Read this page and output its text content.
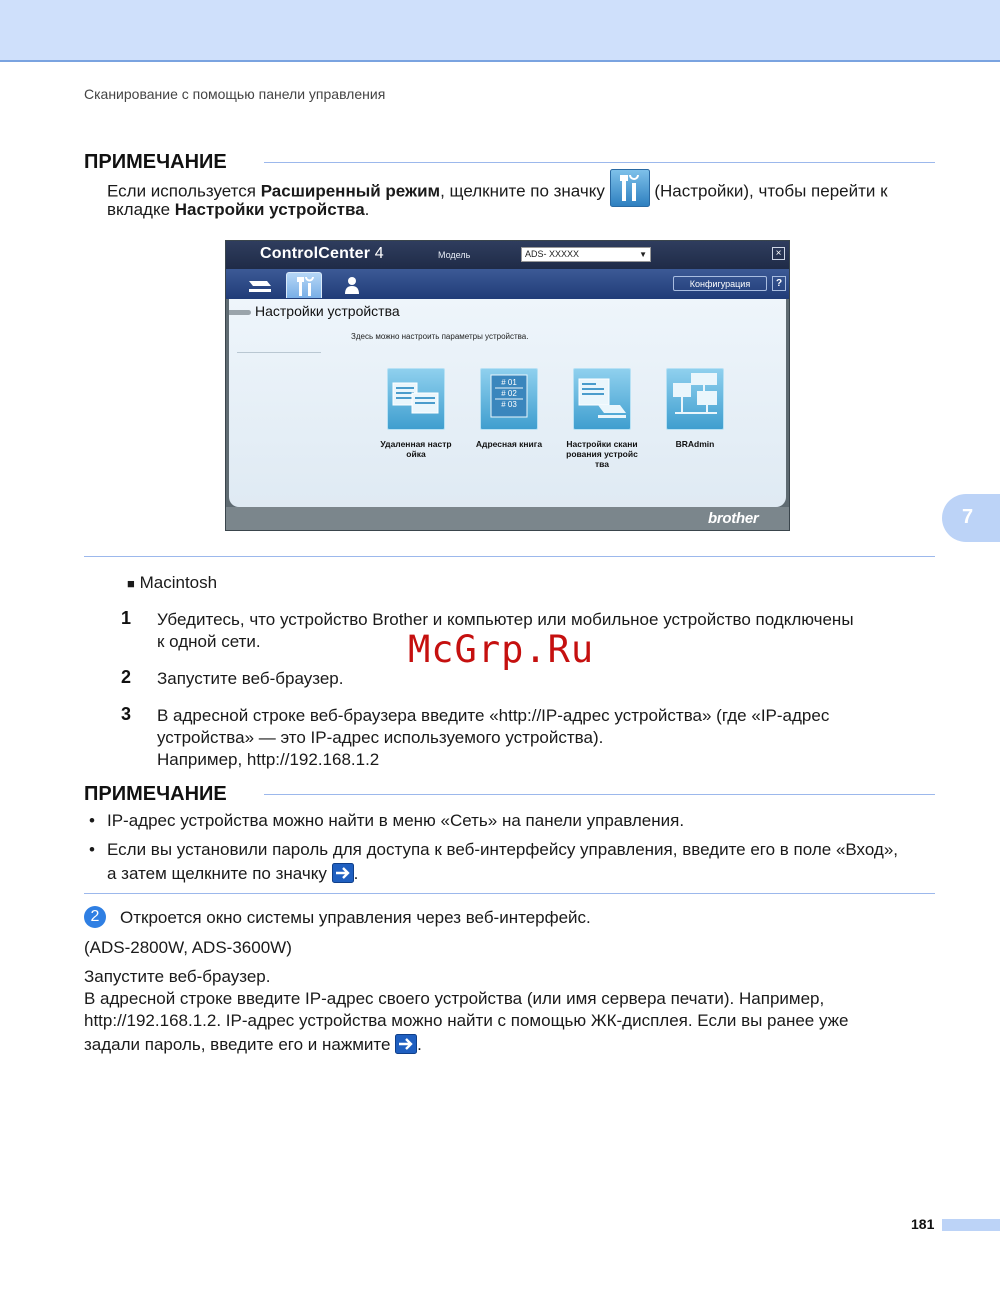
Сканирование с помощью панели управления
ПРИМЕЧАНИЕ
Если используется Расширенный режим, щелкните по значку  (Настройки), чтобы перейти к
вкладке Настройки устройства.
ControlCenter 4	Модель	ADS- XXXXX	▼	×
Конфигурация	?
Настройки устройства
Здесь можно настроить параметры устройства.
# 01
# 02
# 03
Удаленная настр
ойка
Адресная книга	Настройки скани
рования устройс
тва
BRAdmin
brother	7
■ Macintosh
1 Убедитесь, что устройство Brother и компьютер или мобильное устройство подключены
к одной сети.	McGrp.Ru
2 Запустите веб-браузер.
3 В адресной строке веб-браузера введите «http://IP-адрес устройства» (где «IP-адрес
устройства» — это IP-адрес используемого устройства).
Например, http://192.168.1.2
ПРИМЕЧАНИЕ
• IP-адрес устройства можно найти в меню «Сеть» на панели управления.
• Если вы установили пароль для доступа к веб-интерфейсу управления, введите его в поле «Вход»,
а затем щелкните по значку .
2	Откроется окно системы управления через веб-интерфейс.
(ADS-2800W, ADS-3600W)
Запустите веб-браузер.
В адресной строке введите IP-адрес своего устройства (или имя сервера печати). Например,
http://192.168.1.2. IP-адрес устройства можно найти с помощью ЖК-дисплея. Если вы ранее уже
задали пароль, введите его и нажмите .
181
